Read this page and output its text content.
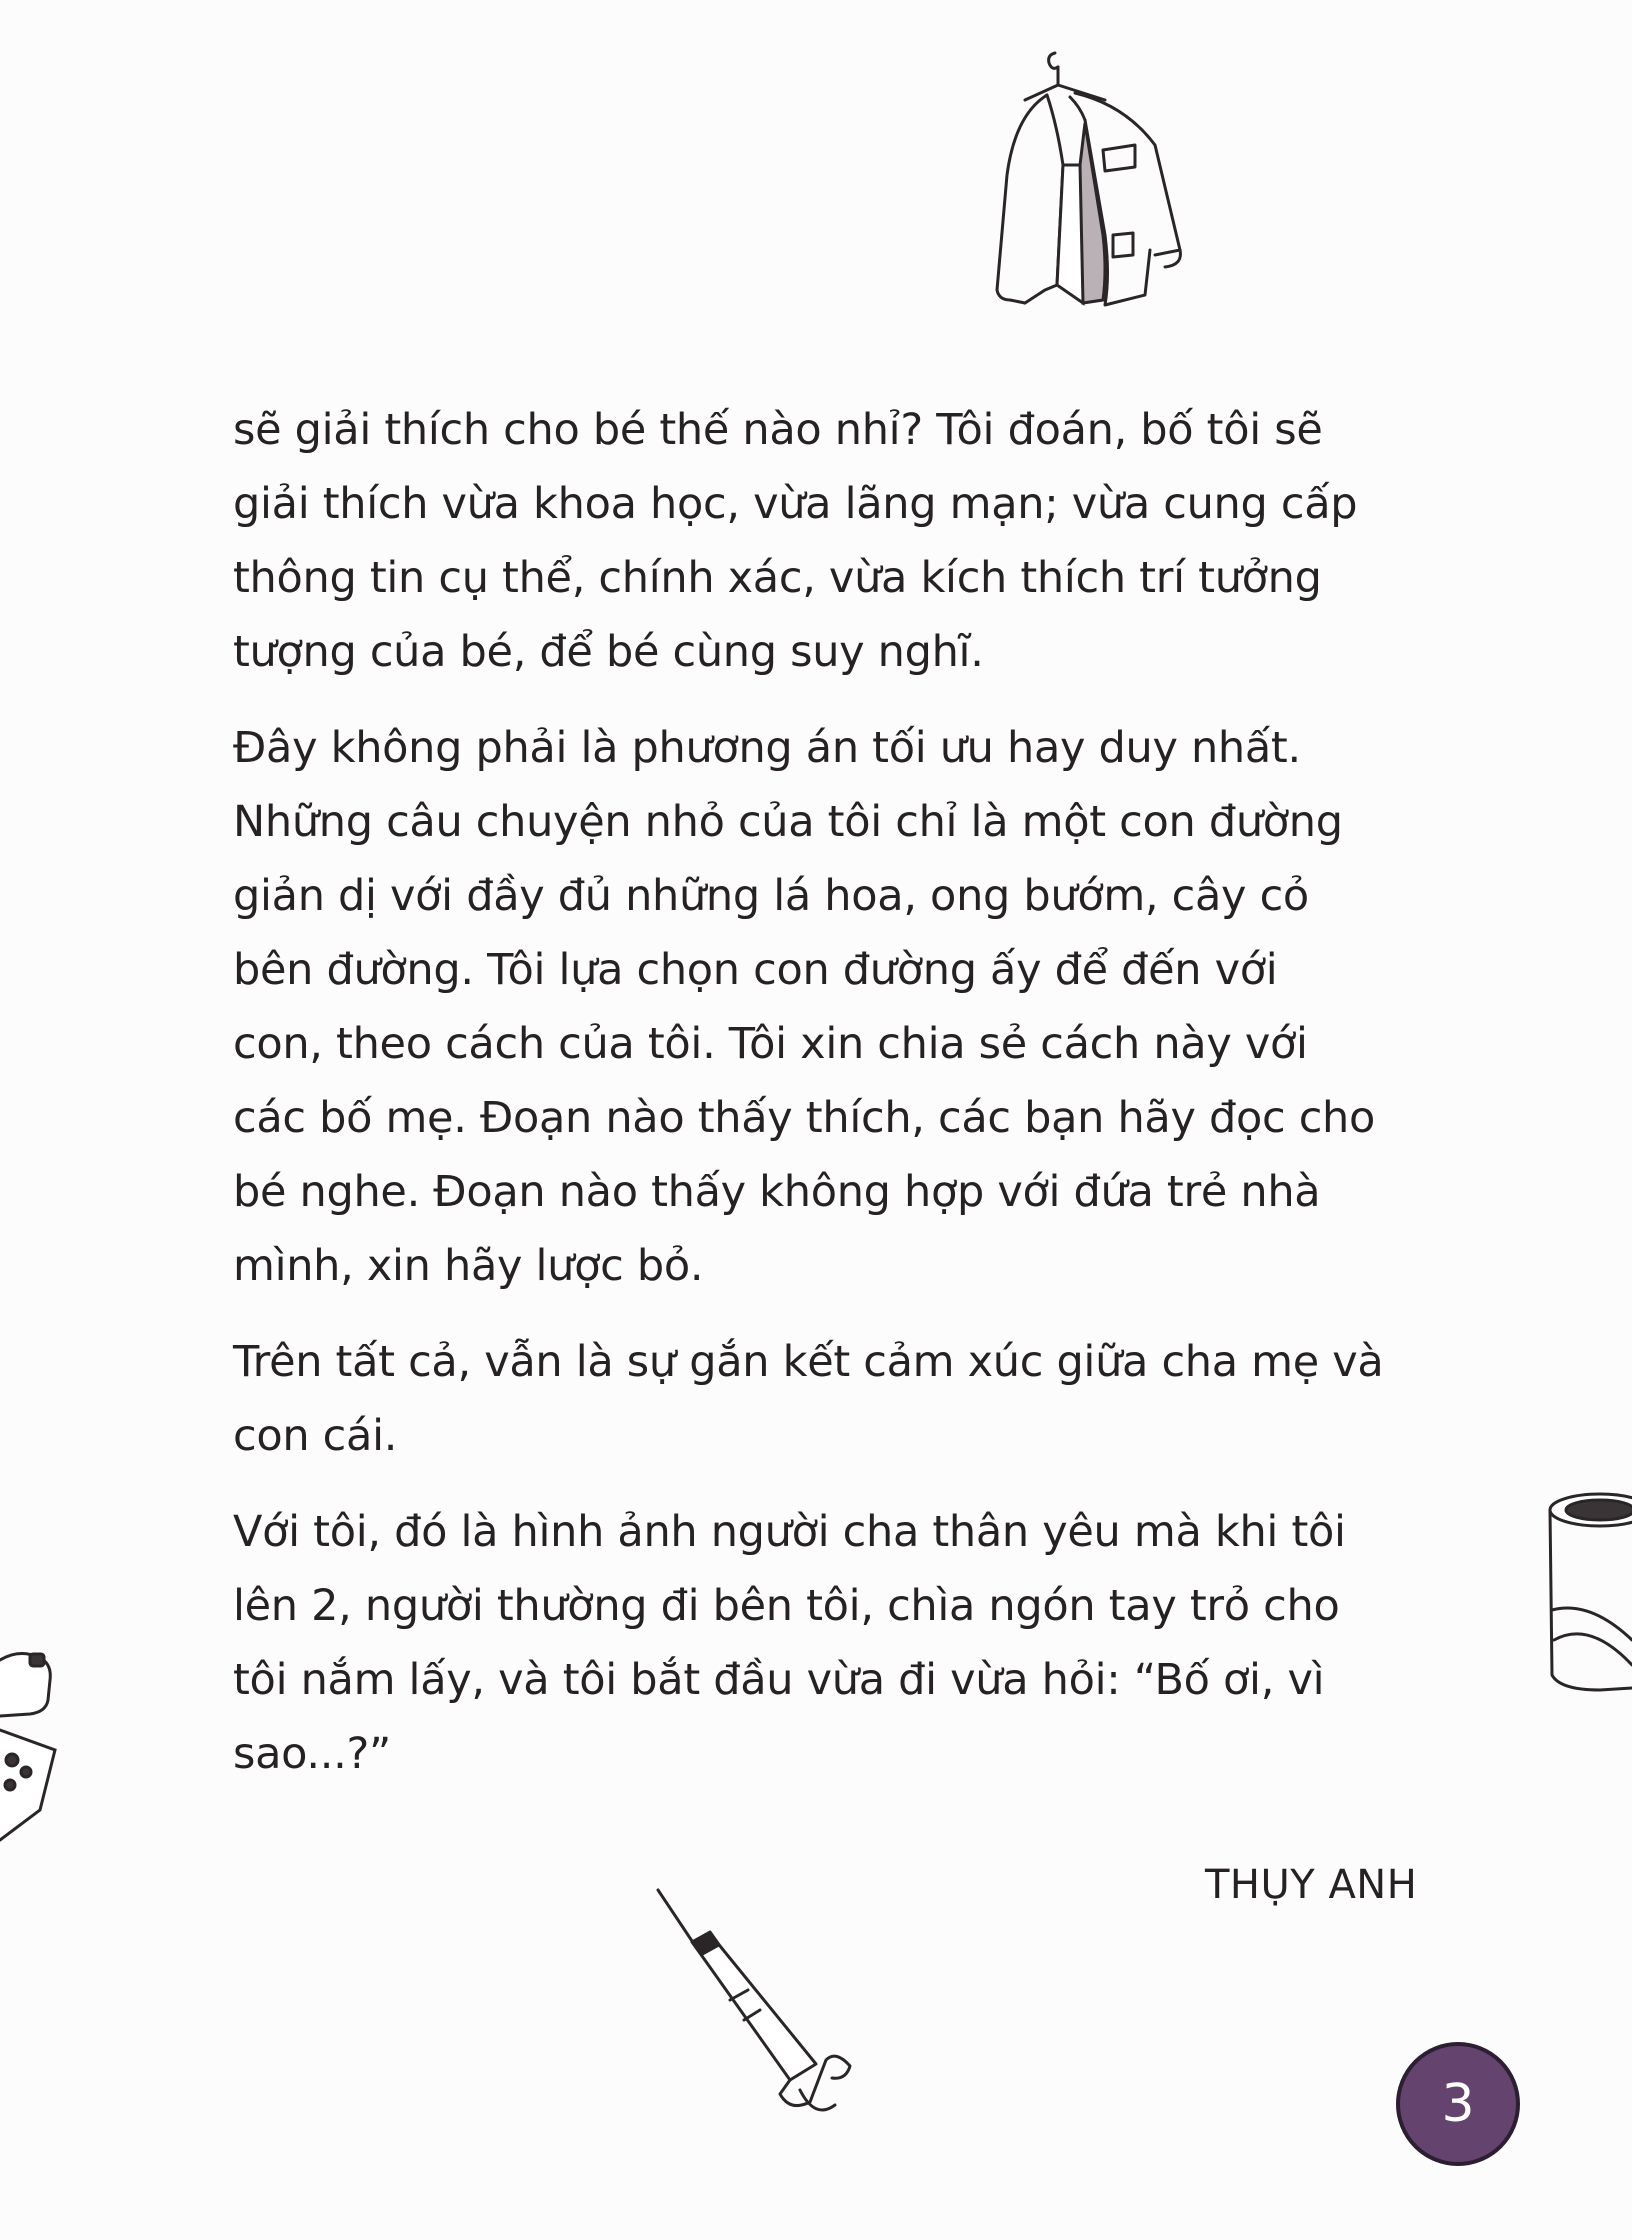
sẽ giải thích cho bé thế nào nhỉ? Tôi đoán, bố tôi sẽ
giải thích vừa khoa học, vừa lãng mạn; vừa cung cấp
thông tin cụ thể, chính xác, vừa kích thích trí tưởng
tượng của bé, để bé cùng suy nghĩ.

Đây không phải là phương án tối ưu hay duy nhất.
Những câu chuyện nhỏ của tôi chỉ là một con đường
giản dị với đầy đủ những lá hoa, ong bướm, cây cỏ
bên đường. Tôi lựa chọn con đường ấy để đến với
con, theo cách của tôi. Tôi xin chia sẻ cách này với
các bố mẹ. Đoạn nào thấy thích, các bạn hãy đọc cho
bé nghe. Đoạn nào thấy không hợp với đứa trẻ nhà
mình, xin hãy lược bỏ.

Trên tất cả, vẫn là sự gắn kết cảm xúc giữa cha mẹ và
con cái.

Với tôi, đó là hình ảnh người cha thân yêu mà khi tôi
lên 2, người thường đi bên tôi, chìa ngón tay trỏ cho
tôi nắm lấy, và tôi bắt đầu vừa đi vừa hỏi: “Bố ơi, vì
sao...?”

THỤY ANH
3
